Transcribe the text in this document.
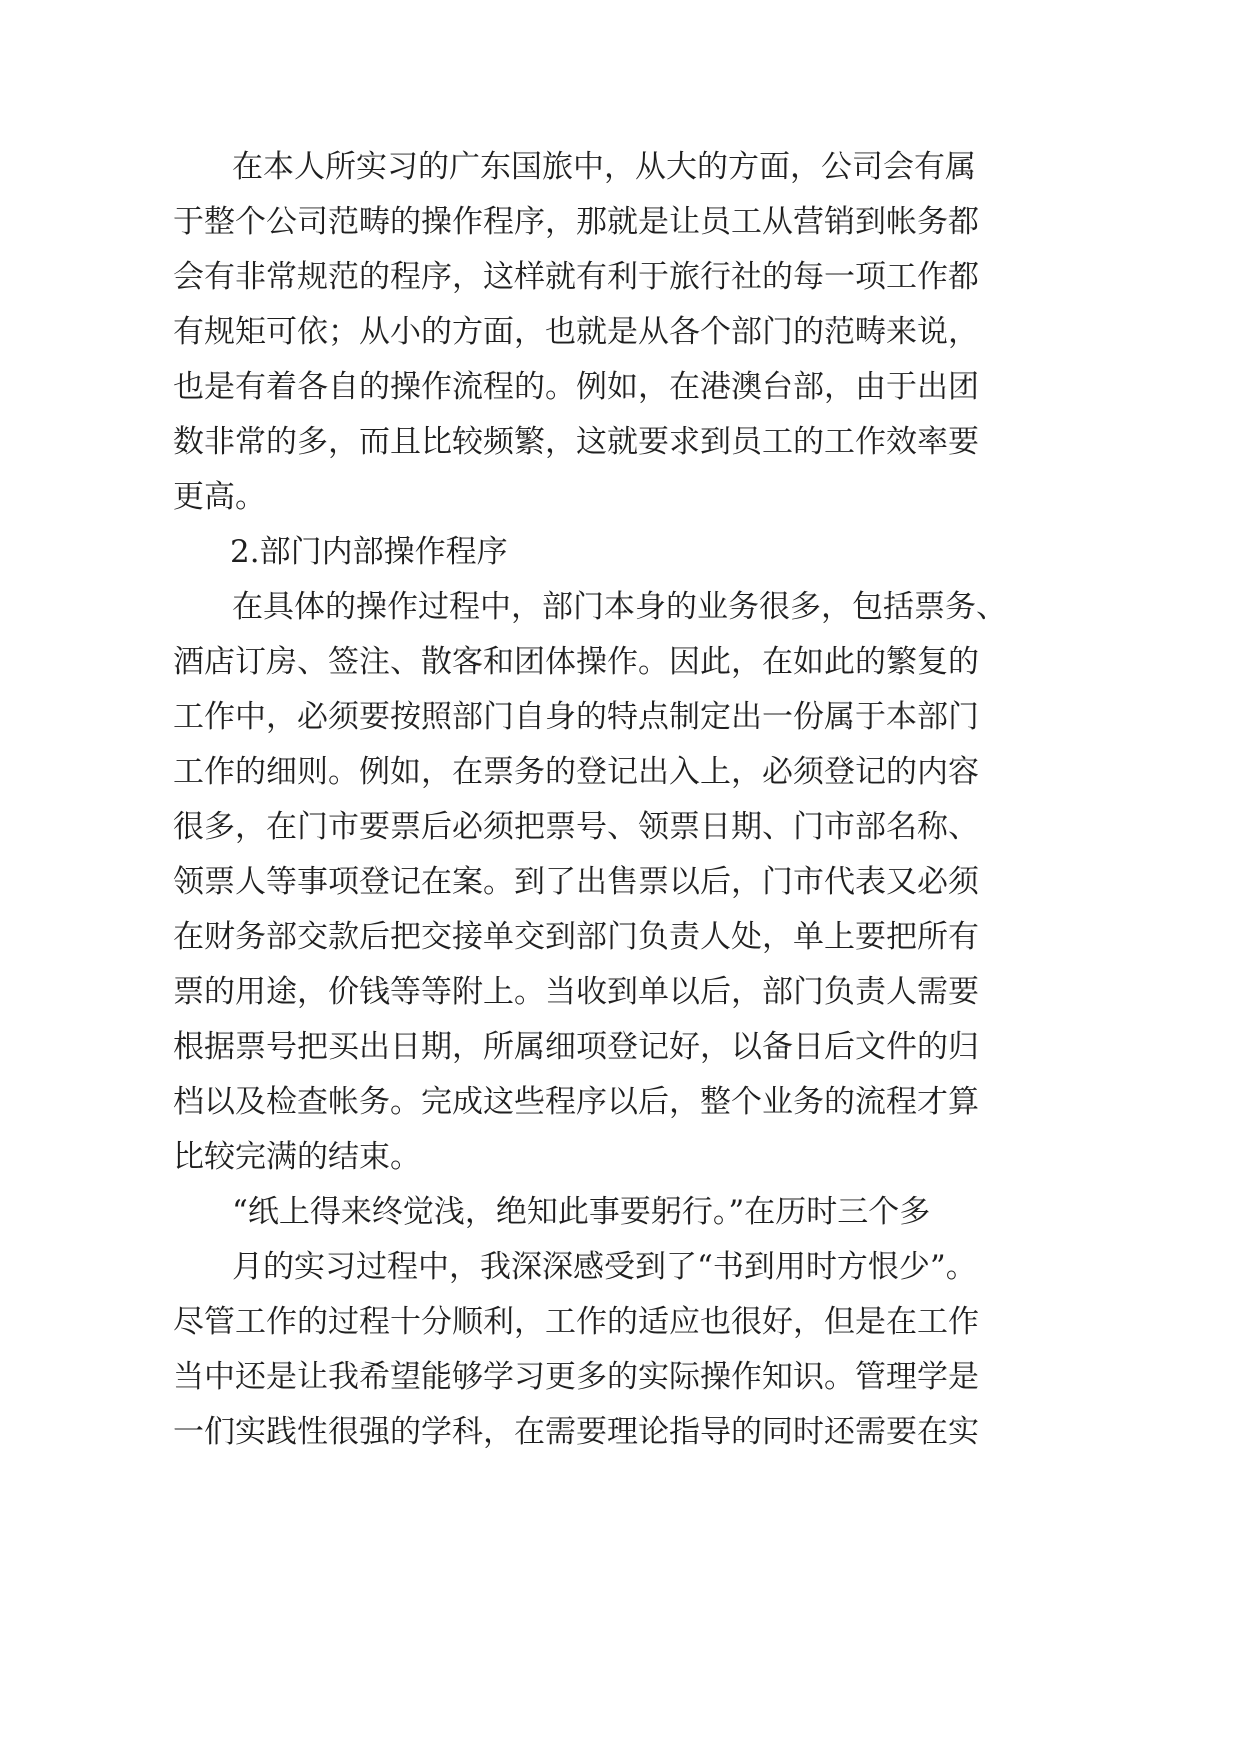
在本人所实习的广东国旅中，从大的方面，公司会有属
于整个公司范畴的操作程序，那就是让员工从营销到帐务都
会有非常规范的程序，这样就有利于旅行社的每一项工作都
有规矩可依；从小的方面，也就是从各个部门的范畴来说，
也是有着各自的操作流程的。例如，在港澳台部，由于出团
数非常的多，而且比较频繁，这就要求到员工的工作效率要
更高。
2.部门内部操作程序
在具体的操作过程中，部门本身的业务很多，包括票务、
酒店订房、签注、散客和团体操作。因此，在如此的繁复的
工作中，必须要按照部门自身的特点制定出一份属于本部门
工作的细则。例如，在票务的登记出入上，必须登记的内容
很多，在门市要票后必须把票号、领票日期、门市部名称、
领票人等事项登记在案。到了出售票以后，门市代表又必须
在财务部交款后把交接单交到部门负责人处，单上要把所有
票的用途，价钱等等附上。当收到单以后，部门负责人需要
根据票号把买出日期，所属细项登记好，以备日后文件的归
档以及检查帐务。完成这些程序以后，整个业务的流程才算
比较完满的结束。
“纸上得来终觉浅，绝知此事要躬行。”在历时三个多
月的实习过程中，我深深感受到了“书到用时方恨少”。
尽管工作的过程十分顺利，工作的适应也很好，但是在工作
当中还是让我希望能够学习更多的实际操作知识。管理学是
一们实践性很强的学科，在需要理论指导的同时还需要在实
